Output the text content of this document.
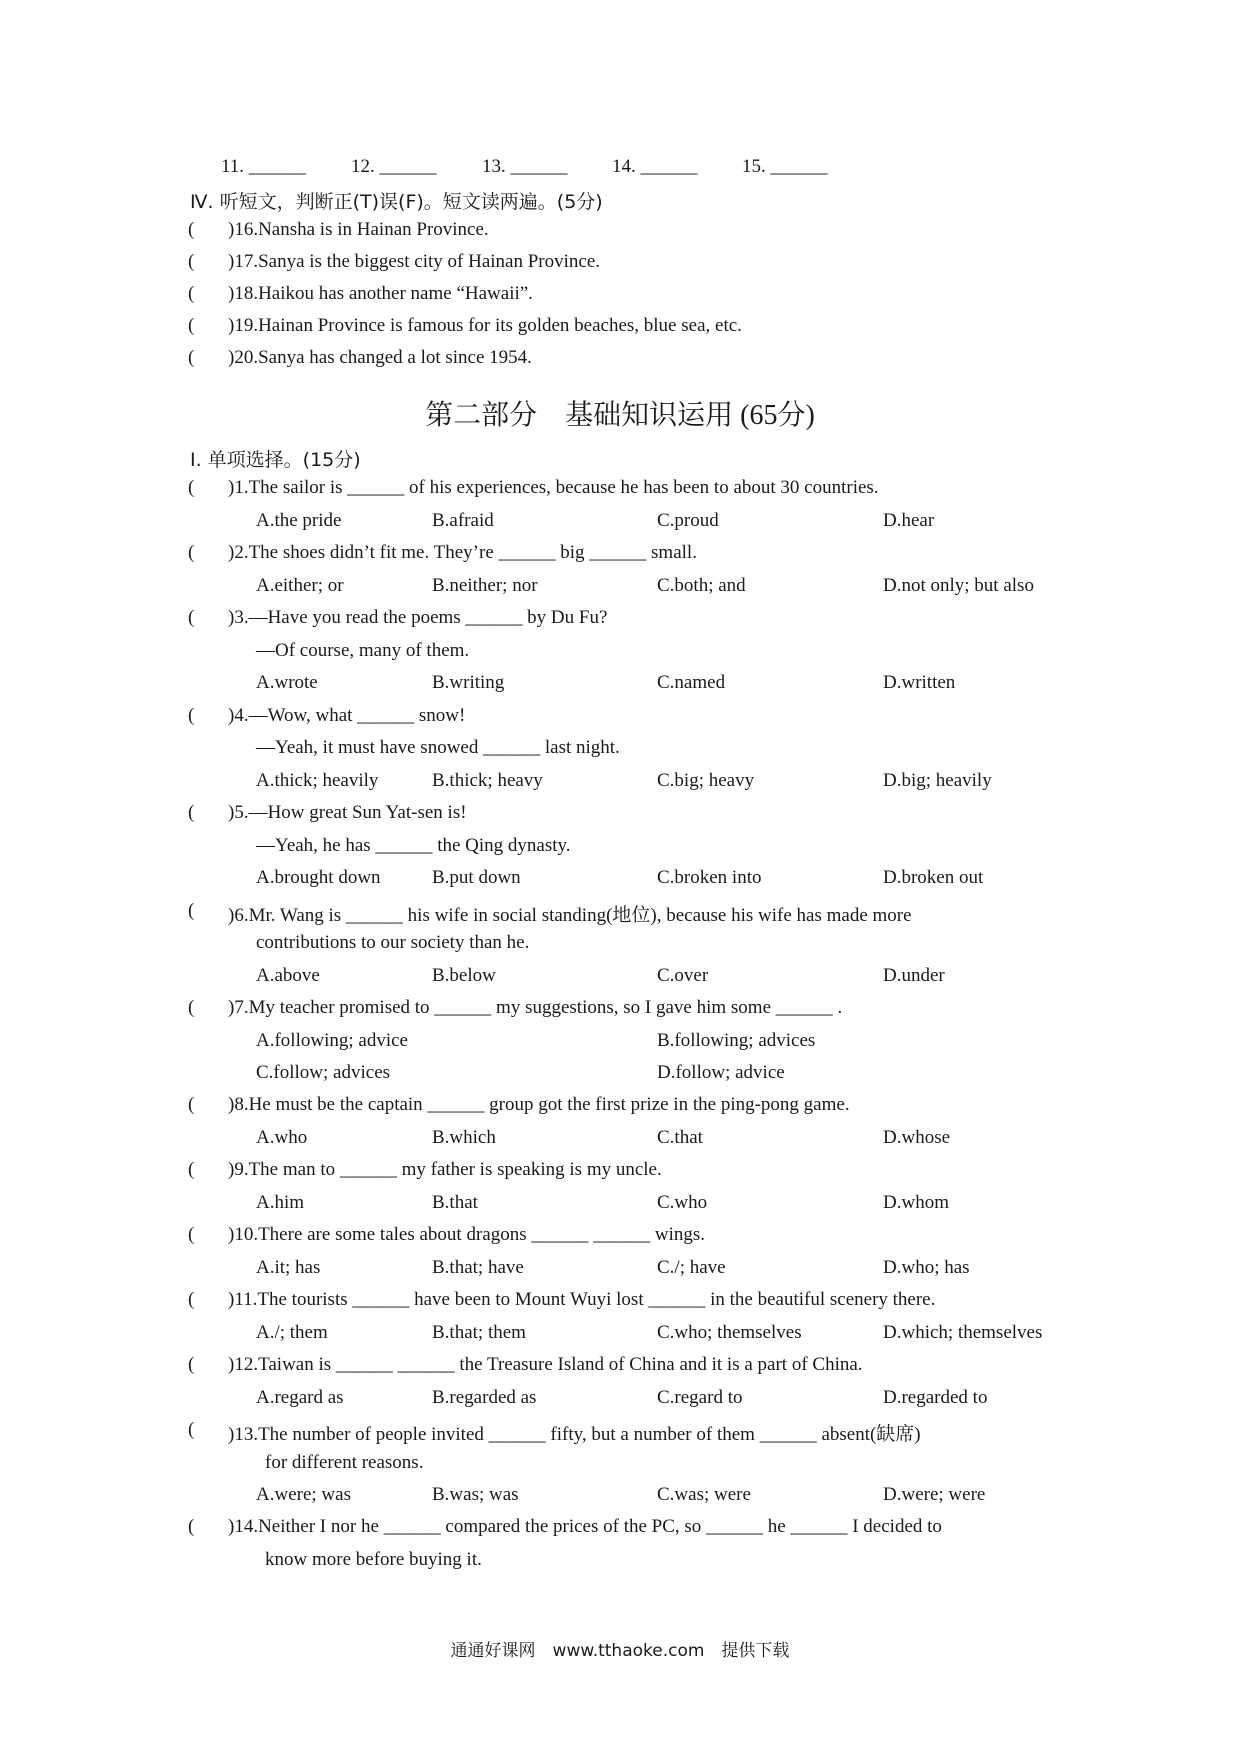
11. ______ 12. ______ 13. ______ 14. ______ 15. ______
Ⅳ. 听短文，判断正(T)误(F)。短文读两遍。(5分)
( )16.Nansha is in Hainan Province.
( )17.Sanya is the biggest city of Hainan Province.
( )18.Haikou has another name “Hawaii”.
( )19.Hainan Province is famous for its golden beaches, blue sea, etc.
( )20.Sanya has changed a lot since 1954.
第二部分　基础知识运用 (65分)
Ⅰ. 单项选择。(15分)
( )1.The sailor is ______ of his experiences, because he has been to about 30 countries.
A.the pride	B.afraid	C.proud	D.hear
( )2.The shoes didn’t fit me. They’re ______ big ______ small.
A.either; or	B.neither; nor	C.both; and	D.not only; but also
( )3.—Have you read the poems ______ by Du Fu?
—Of course, many of them.
A.wrote	B.writing	C.named	D.written
( )4.—Wow, what ______ snow!
—Yeah, it must have snowed ______ last night.
A.thick; heavily	B.thick; heavy	C.big; heavy	D.big; heavily
( )5.—How great Sun Yat-sen is!
—Yeah, he has ______ the Qing dynasty.
A.brought down	B.put down	C.broken into	D.broken out
( )6.Mr. Wang is ______ his wife in social standing(地位), because his wife has made more
contributions to our society than he.
A.above	B.below	C.over	D.under
( )7.My teacher promised to ______ my suggestions, so I gave him some ______ .
A.following; advice	B.following; advices
C.follow; advices	D.follow; advice
( )8.He must be the captain ______ group got the first prize in the ping-pong game.
A.who	B.which	C.that	D.whose
( )9.The man to ______ my father is speaking is my uncle.
A.him	B.that	C.who	D.whom
( )10.There are some tales about dragons ______ ______ wings.
A.it; has	B.that; have	C./; have	D.who; has
( )11.The tourists ______ have been to Mount Wuyi lost ______ in the beautiful scenery there.
A./; them	B.that; them	C.who; themselves	D.which; themselves
( )12.Taiwan is ______ ______ the Treasure Island of China and it is a part of China.
A.regard as	B.regarded as	C.regard to	D.regarded to
( )13.The number of people invited ______ fifty, but a number of them ______ absent(缺席)
for different reasons.
A.were; was	B.was; was	C.was; were	D.were; were
( )14.Neither I nor he ______ compared the prices of the PC, so ______ he ______ I decided to
know more before buying it.
通通好课网　www.tthaoke.com　提供下载
